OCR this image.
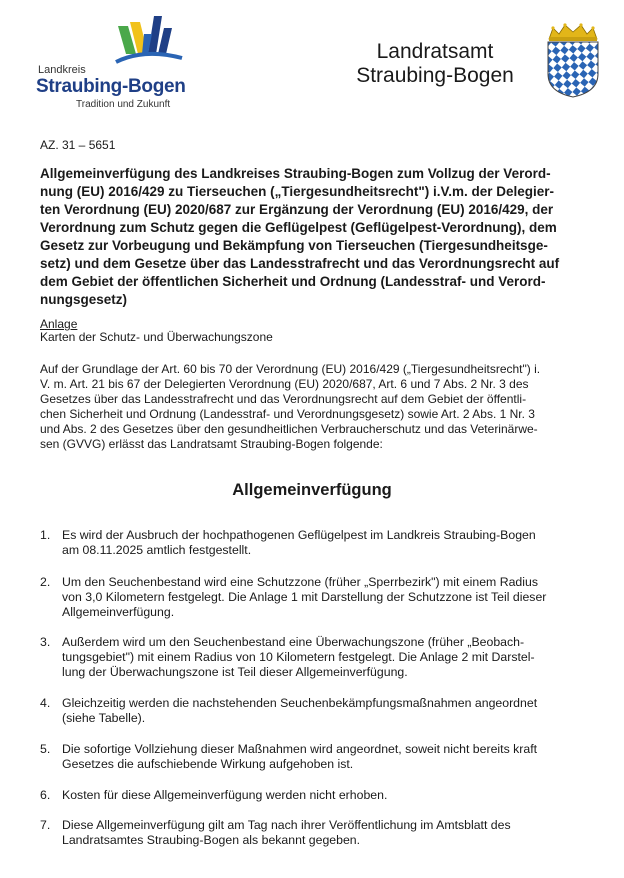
Landkreis
Straubing-Bogen
Tradition und Zukunft
Landratsamt
Straubing-Bogen
AZ. 31 – 5651
Allgemeinverfügung des Landkreises Straubing-Bogen zum Vollzug der Verord-
nung (EU) 2016/429 zu Tierseuchen („Tiergesundheitsrecht") i.V.m. der Delegier-
ten Verordnung (EU) 2020/687 zur Ergänzung der Verordnung (EU) 2016/429, der
Verordnung zum Schutz gegen die Geflügelpest (Geflügelpest-Verordnung), dem
Gesetz zur Vorbeugung und Bekämpfung von Tierseuchen (Tiergesundheitsge-
setz) und dem Gesetze über das Landesstrafrecht und das Verordnungsrecht auf
dem Gebiet der öffentlichen Sicherheit und Ordnung (Landesstraf- und Verord-
nungsgesetz)
Anlage
Karten der Schutz- und Überwachungszone

Auf der Grundlage der Art. 60 bis 70 der Verordnung (EU) 2016/429 („Tiergesundheitsrecht") i.
V. m. Art. 21 bis 67 der Delegierten Verordnung (EU) 2020/687, Art. 6 und 7 Abs. 2 Nr. 3 des
Gesetzes über das Landesstrafrecht und das Verordnungsrecht auf dem Gebiet der öffentli-
chen Sicherheit und Ordnung (Landesstraf- und Verordnungsgesetz) sowie Art. 2 Abs. 1 Nr. 3
und Abs. 2 des Gesetzes über den gesundheitlichen Verbraucherschutz und das Veterinärwe-
sen (GVVG) erlässt das Landratsamt Straubing-Bogen folgende:

Allgemeinverfügung
1. Es wird der Ausbruch der hochpathogenen Geflügelpest im Landkreis Straubing-Bogen
am 08.11.2025 amtlich festgestellt.
2. Um den Seuchenbestand wird eine Schutzzone (früher „Sperrbezirk") mit einem Radius
von 3,0 Kilometern festgelegt. Die Anlage 1 mit Darstellung der Schutzzone ist Teil dieser
Allgemeinverfügung.
3. Außerdem wird um den Seuchenbestand eine Überwachungszone (früher „Beobach-
tungsgebiet") mit einem Radius von 10 Kilometern festgelegt. Die Anlage 2 mit Darstel-
lung der Überwachungszone ist Teil dieser Allgemeinverfügung.
4. Gleichzeitig werden die nachstehenden Seuchenbekämpfungsmaßnahmen angeordnet
(siehe Tabelle).
5. Die sofortige Vollziehung dieser Maßnahmen wird angeordnet, soweit nicht bereits kraft
Gesetzes die aufschiebende Wirkung aufgehoben ist.
6. Kosten für diese Allgemeinverfügung werden nicht erhoben.
7. Diese Allgemeinverfügung gilt am Tag nach ihrer Veröffentlichung im Amtsblatt des
Landratsamtes Straubing-Bogen als bekannt gegeben.
